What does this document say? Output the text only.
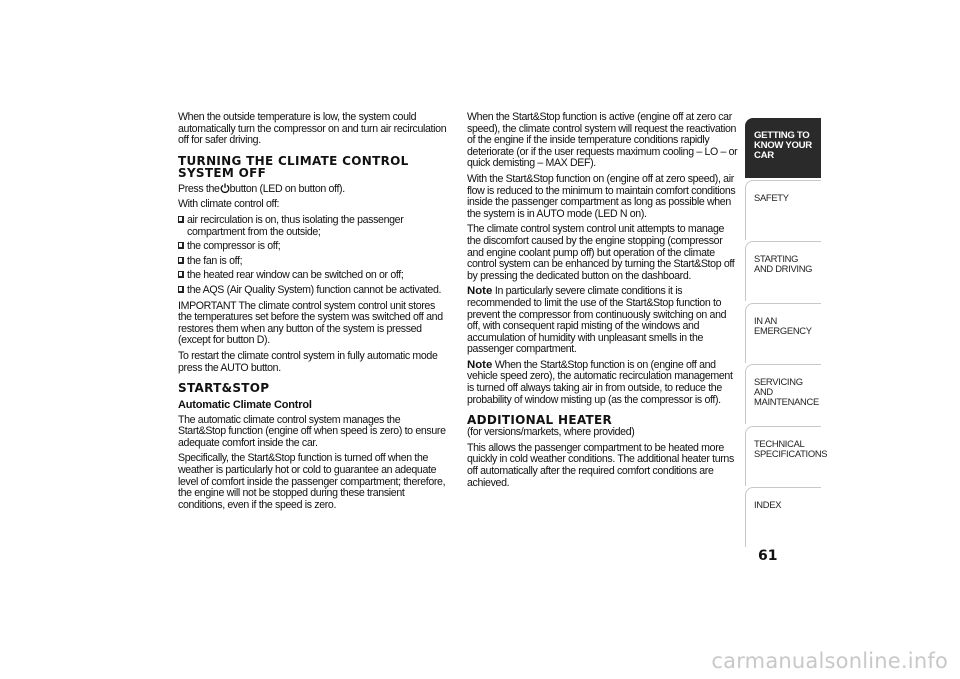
When the outside temperature is low, the system could automatically turn the compressor on and turn air recirculation off for safer driving.

TURNING THE CLIMATE CONTROL SYSTEM OFF

Press the button (LED on button off).

With climate control off:

air recirculation is on, thus isolating the passenger compartment from the outside;
the compressor is off;
the fan is off;
the heated rear window can be switched on or off;
the AQS (Air Quality System) function cannot be activated.

IMPORTANT The climate control system control unit stores the temperatures set before the system was switched off and restores them when any button of the system is pressed (except for button D).

To restart the climate control system in fully automatic mode press the AUTO button.

START&STOP
Automatic Climate Control

The automatic climate control system manages the Start&Stop function (engine off when speed is zero) to ensure adequate comfort inside the car.

Specifically, the Start&Stop function is turned off when the weather is particularly hot or cold to guarantee an adequate level of comfort inside the passenger compartment; therefore, the engine will not be stopped during these transient conditions, even if the speed is zero.

When the Start&Stop function is active (engine off at zero car speed), the climate control system will request the reactivation of the engine if the inside temperature conditions rapidly deteriorate (or if the user requests maximum cooling – LO – or quick demisting – MAX DEF).

With the Start&Stop function on (engine off at zero speed), air flow is reduced to the minimum to maintain comfort conditions inside the passenger compartment as long as possible when the system is in AUTO mode (LED N on).

The climate control system control unit attempts to manage the discomfort caused by the engine stopping (compressor and engine coolant pump off) but operation of the climate control system can be enhanced by turning the Start&Stop off by pressing the dedicated button on the dashboard.

Note In particularly severe climate conditions it is recommended to limit the use of the Start&Stop function to prevent the compressor from continuously switching on and off, with consequent rapid misting of the windows and accumulation of humidity with unpleasant smells in the passenger compartment.

Note When the Start&Stop function is on (engine off and vehicle speed zero), the automatic recirculation management is turned off always taking air in from outside, to reduce the probability of window misting up (as the compressor is off).

ADDITIONAL HEATER

(for versions/markets, where provided)

This allows the passenger compartment to be heated more quickly in cold weather conditions. The additional heater turns off automatically after the required comfort conditions are achieved.

GETTING TO KNOW YOUR CAR
SAFETY
STARTING AND DRIVING
IN AN EMERGENCY
SERVICING AND MAINTENANCE
TECHNICAL SPECIFICATIONS
INDEX
61
carmanualsonline.info
